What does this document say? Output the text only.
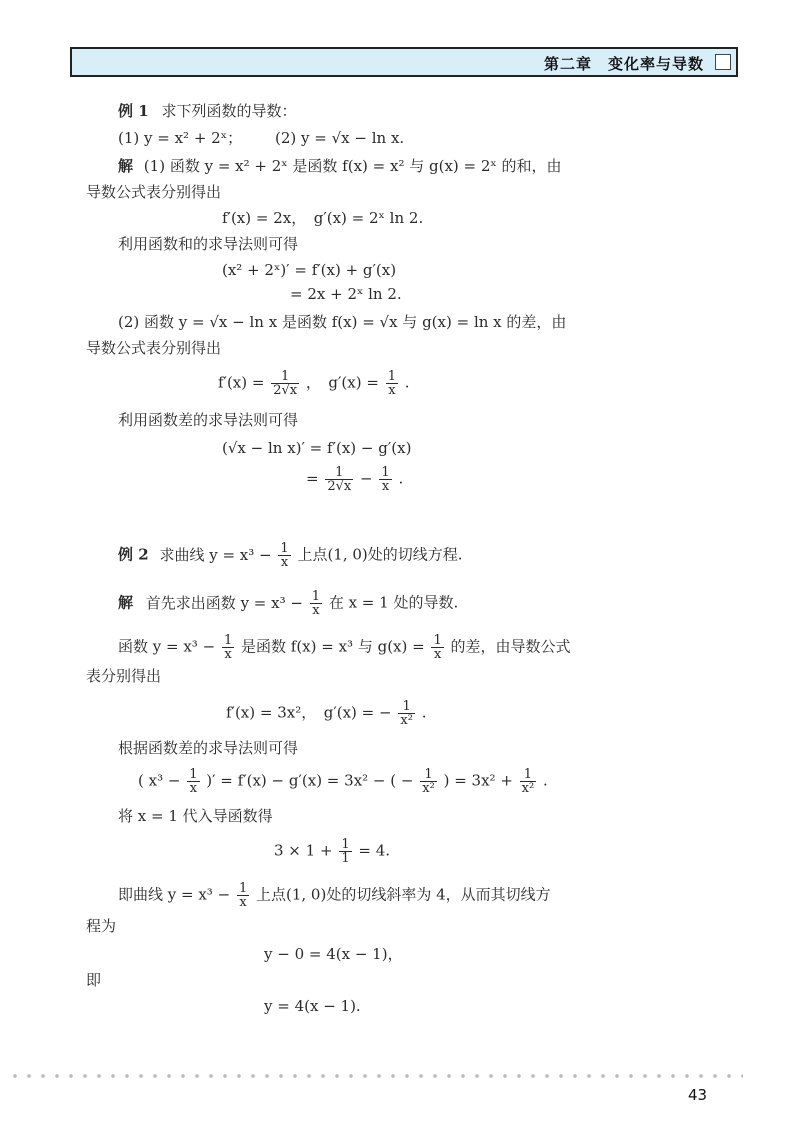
第二章　变化率与导数
例 1 求下列函数的导数：
(1) y = x² + 2ˣ； (2) y = √x − ln x.
解 (1) 函数 y = x² + 2ˣ 是函数 f(x) = x² 与 g(x) = 2ˣ 的和，由
导数公式表分别得出
f′(x) = 2x，　g′(x) = 2ˣ ln 2.
利用函数和的求导法则可得
(x² + 2ˣ)′ = f′(x) + g′(x)
= 2x + 2ˣ ln 2.
(2) 函数 y = √x − ln x 是函数 f(x) = √x 与 g(x) = ln x 的差，由
导数公式表分别得出
$f'(x) = \frac{1}{2√x}$ ，　$g'(x) = \frac{1}{x}$ .
利用函数差的求导法则可得
(√x − ln x)′ = f′(x) − g′(x)
= $\frac{1}{2√x} - \frac{1}{x}$ .
例 2 求曲线 $y = x^3 - \frac{1}{x}$ 上点(1, 0)处的切线方程.
解 首先求出函数 $y = x^3 - \frac{1}{x}$ 在 x = 1 处的导数.
函数 $y = x^3 - \frac{1}{x}$ 是函数 f(x) = x³ 与 $g(x) = \frac{1}{x}$ 的差，由导数公式
表分别得出
f′(x) = 3x²，　g′(x) = − $\frac{1}{\text{x²}}$ .
根据函数差的求导法则可得
( $x^3 - \frac{1}{x}$ )′ = f′(x) − g′(x) = 3x² − ( − $\frac{1}{\text{x²}}$ ) = $3x^2 + \frac{1}{\text{x²}}$ .
将 x = 1 代入导函数得
$3 \times 1 + \frac{1}{1} = 4$.
即曲线 $y = x^3 - \frac{1}{x}$ 上点(1, 0)处的切线斜率为 4，从而其切线方
程为
y − 0 = 4(x − 1)，
即
y = 4(x − 1).
43
